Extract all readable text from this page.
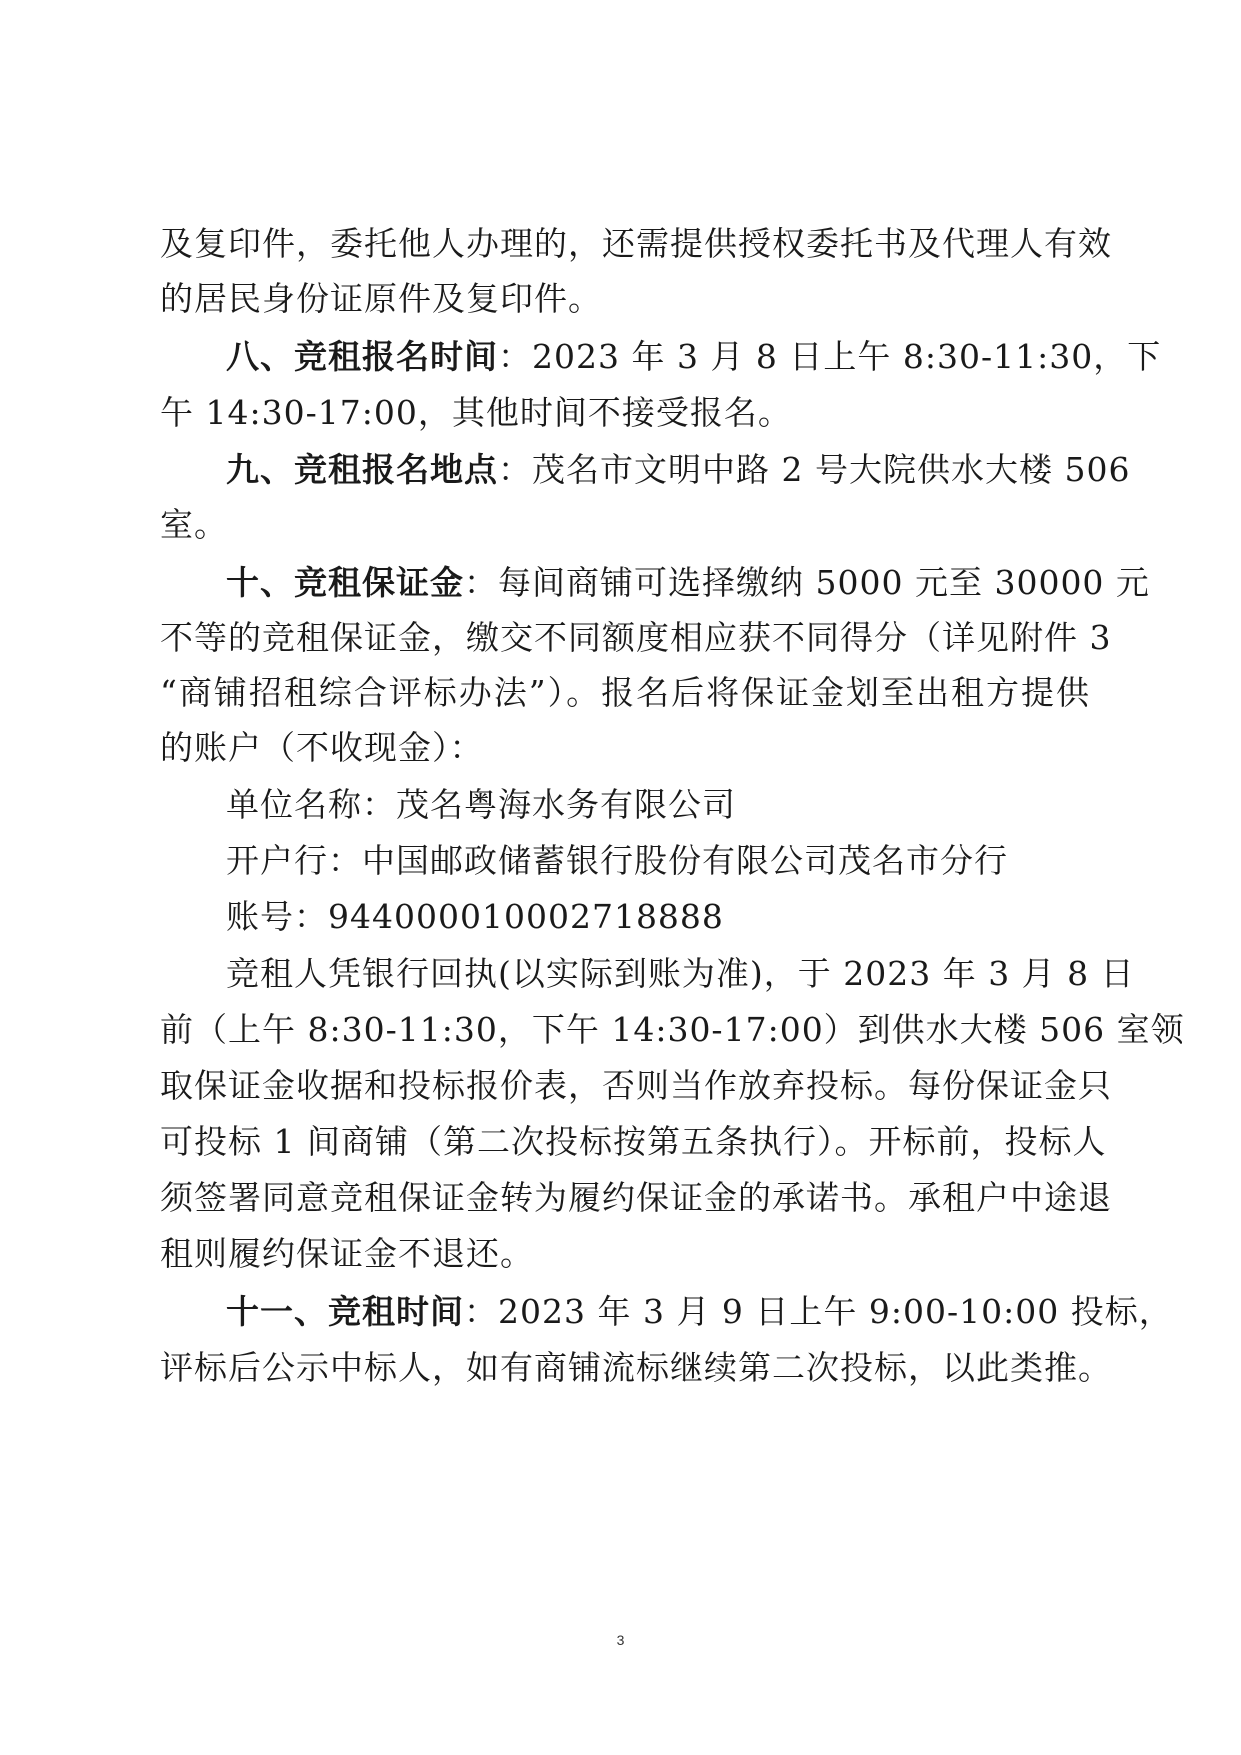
及复印件，委托他人办理的，还需提供授权委托书及代理人有效
的居民身份证原件及复印件。
八、竞租报名时间：2023 年 3 月 8 日上午 8:30-11:30，下
午 14:30-17:00，其他时间不接受报名。
九、竞租报名地点：茂名市文明中路 2 号大院供水大楼 506
室。
十、竞租保证金：每间商铺可选择缴纳 5000 元至 30000 元
不等的竞租保证金，缴交不同额度相应获不同得分（详见附件 3
“商铺招租综合评标办法”）。报名后将保证金划至出租方提供
的账户（不收现金）：
单位名称：茂名粤海水务有限公司
开户行：中国邮政储蓄银行股份有限公司茂名市分行
账号：944000010002718888
竞租人凭银行回执(以实际到账为准)，于 2023 年 3 月 8 日
前（上午 8:30-11:30，下午 14:30-17:00）到供水大楼 506 室领
取保证金收据和投标报价表，否则当作放弃投标。每份保证金只
可投标 1 间商铺（第二次投标按第五条执行）。开标前，投标人
须签署同意竞租保证金转为履约保证金的承诺书。承租户中途退
租则履约保证金不退还。
十一、竞租时间：2023 年 3 月 9 日上午 9:00-10:00 投标，
评标后公示中标人，如有商铺流标继续第二次投标，以此类推。
3
